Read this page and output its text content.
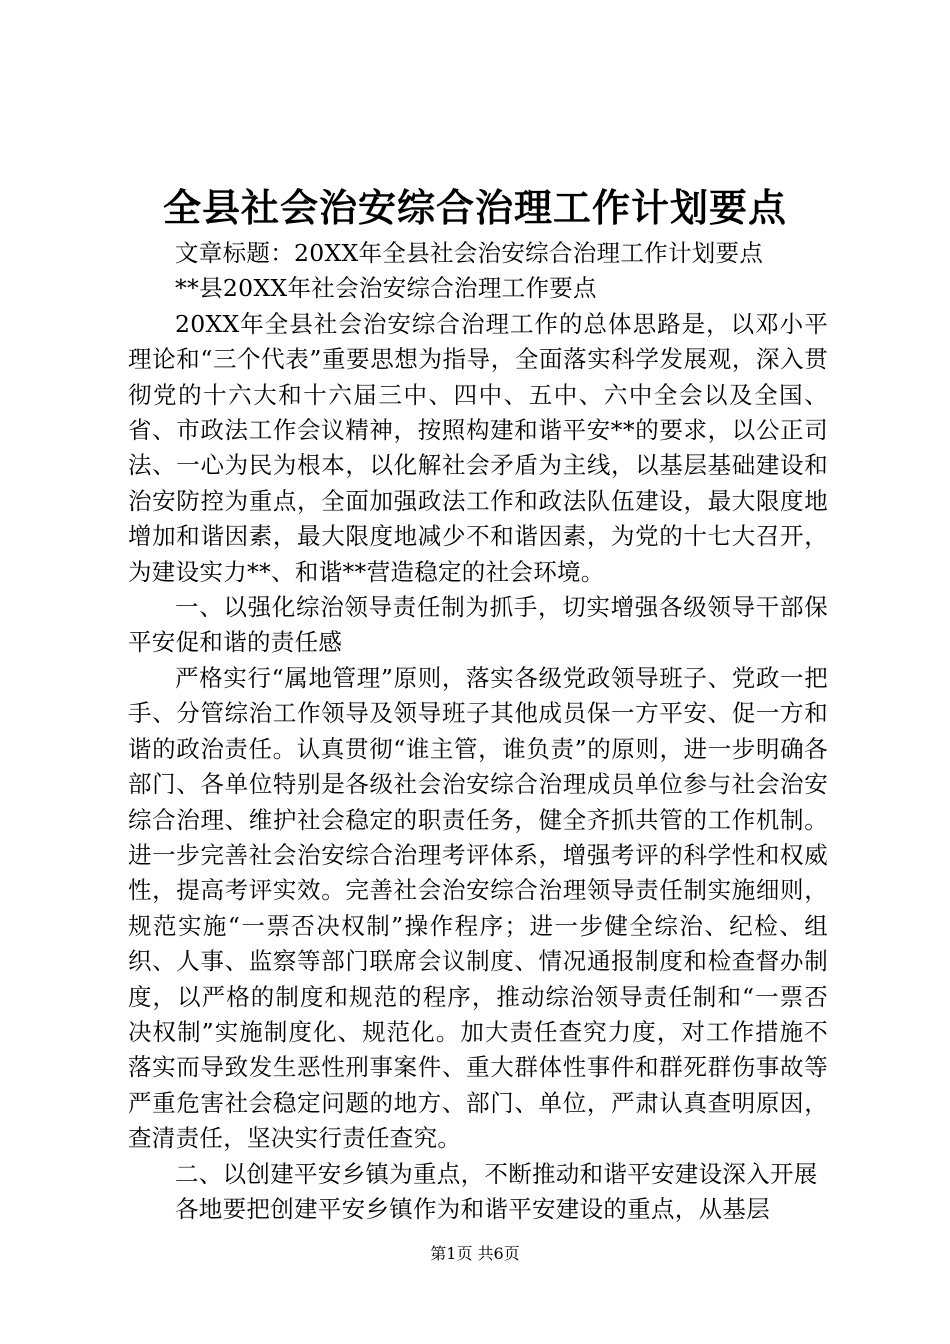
全县社会治安综合治理工作计划要点

文章标题：20XX年全县社会治安综合治理工作计划要点

**县20XX年社会治安综合治理工作要点

20XX年全县社会治安综合治理工作的总体思路是，以邓小平理论和“三个代表”重要思想为指导，全面落实科学发展观，深入贯彻党的十六大和十六届三中、四中、五中、六中全会以及全国、省、市政法工作会议精神，按照构建和谐平安**的要求，以公正司法、一心为民为根本，以化解社会矛盾为主线，以基层基础建设和治安防控为重点，全面加强政法工作和政法队伍建设，最大限度地增加和谐因素，最大限度地减少不和谐因素，为党的十七大召开，为建设实力**、和谐**营造稳定的社会环境。

一、以强化综治领导责任制为抓手，切实增强各级领导干部保平安促和谐的责任感

严格实行“属地管理”原则，落实各级党政领导班子、党政一把手、分管综治工作领导及领导班子其他成员保一方平安、促一方和谐的政治责任。认真贯彻“谁主管，谁负责”的原则，进一步明确各部门、各单位特别是各级社会治安综合治理成员单位参与社会治安综合治理、维护社会稳定的职责任务，健全齐抓共管的工作机制。进一步完善社会治安综合治理考评体系，增强考评的科学性和权威性，提高考评实效。完善社会治安综合治理领导责任制实施细则，规范实施“一票否决权制”操作程序；进一步健全综治、纪检、组织、人事、监察等部门联席会议制度、情况通报制度和检查督办制度，以严格的制度和规范的程序，推动综治领导责任制和“一票否决权制”实施制度化、规范化。加大责任查究力度，对工作措施不落实而导致发生恶性刑事案件、重大群体性事件和群死群伤事故等严重危害社会稳定问题的地方、部门、单位，严肃认真查明原因，查清责任，坚决实行责任查究。

二、以创建平安乡镇为重点，不断推动和谐平安建设深入开展

各地要把创建平安乡镇作为和谐平安建设的重点，从基层

第1页 共6页
